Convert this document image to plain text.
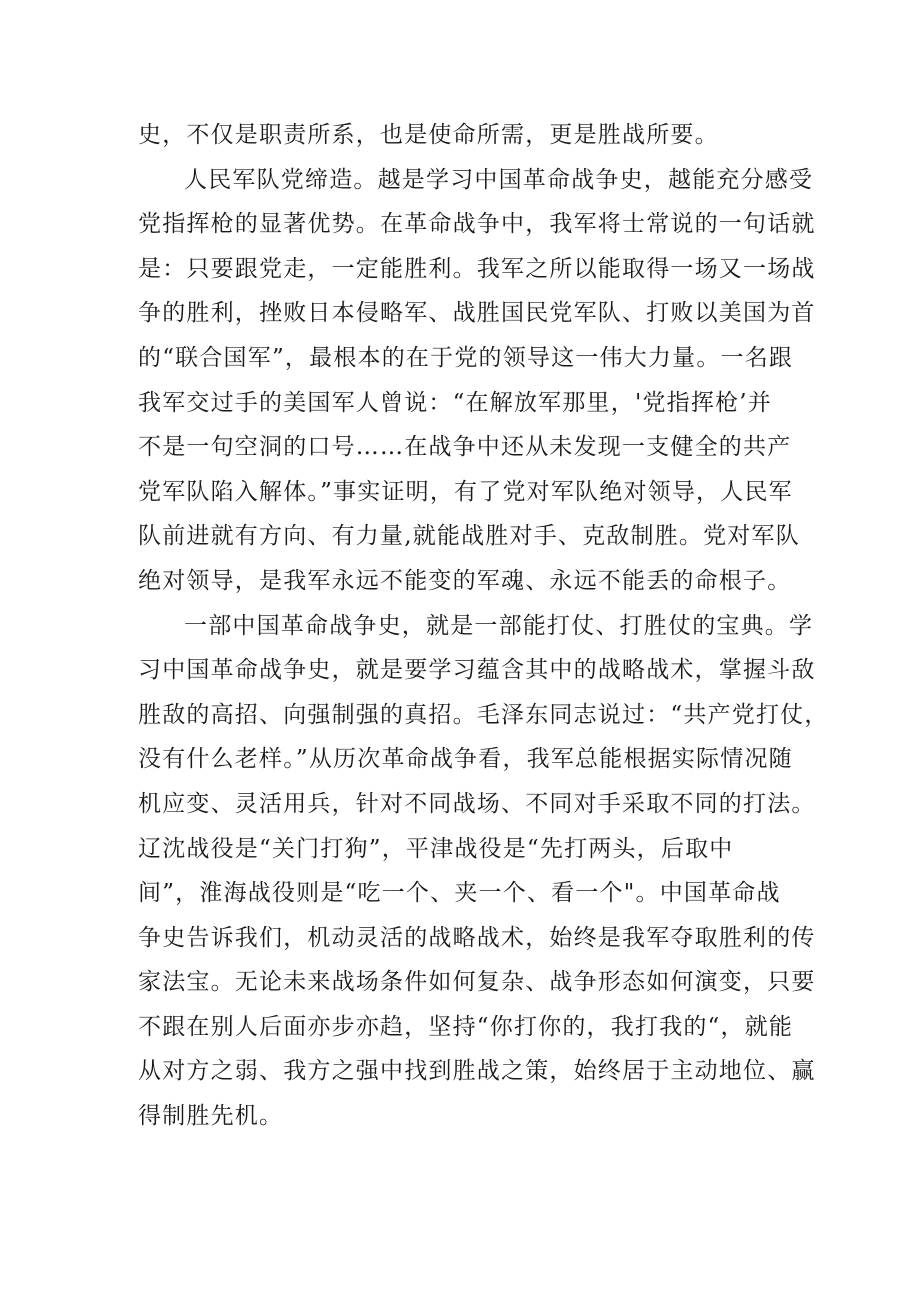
史，不仅是职责所系，也是使命所需，更是胜战所要。
人民军队党缔造。越是学习中国革命战争史，越能充分感受
党指挥枪的显著优势。在革命战争中，我军将士常说的一句话就
是：只要跟党走，一定能胜利。我军之所以能取得一场又一场战
争的胜利，挫败日本侵略军、战胜国民党军队、打败以美国为首
的“联合国军”，最根本的在于党的领导这一伟大力量。一名跟
我军交过手的美国军人曾说：“在解放军那里，'党指挥枪’并
不是一句空洞的口号……在战争中还从未发现一支健全的共产
党军队陷入解体。”事实证明，有了党对军队绝对领导，人民军
队前进就有方向、有力量,就能战胜对手、克敌制胜。党对军队
绝对领导，是我军永远不能变的军魂、永远不能丢的命根子。
一部中国革命战争史，就是一部能打仗、打胜仗的宝典。学
习中国革命战争史，就是要学习蕴含其中的战略战术，掌握斗敌
胜敌的高招、向强制强的真招。毛泽东同志说过：“共产党打仗，
没有什么老样。”从历次革命战争看，我军总能根据实际情况随
机应变、灵活用兵，针对不同战场、不同对手采取不同的打法。
辽沈战役是“关门打狗”，平津战役是“先打两头，后取中
间”，淮海战役则是“吃一个、夹一个、看一个"。中国革命战
争史告诉我们，机动灵活的战略战术，始终是我军夺取胜利的传
家法宝。无论未来战场条件如何复杂、战争形态如何演变，只要
不跟在别人后面亦步亦趋，坚持“你打你的，我打我的“，就能
从对方之弱、我方之强中找到胜战之策，始终居于主动地位、赢
得制胜先机。
